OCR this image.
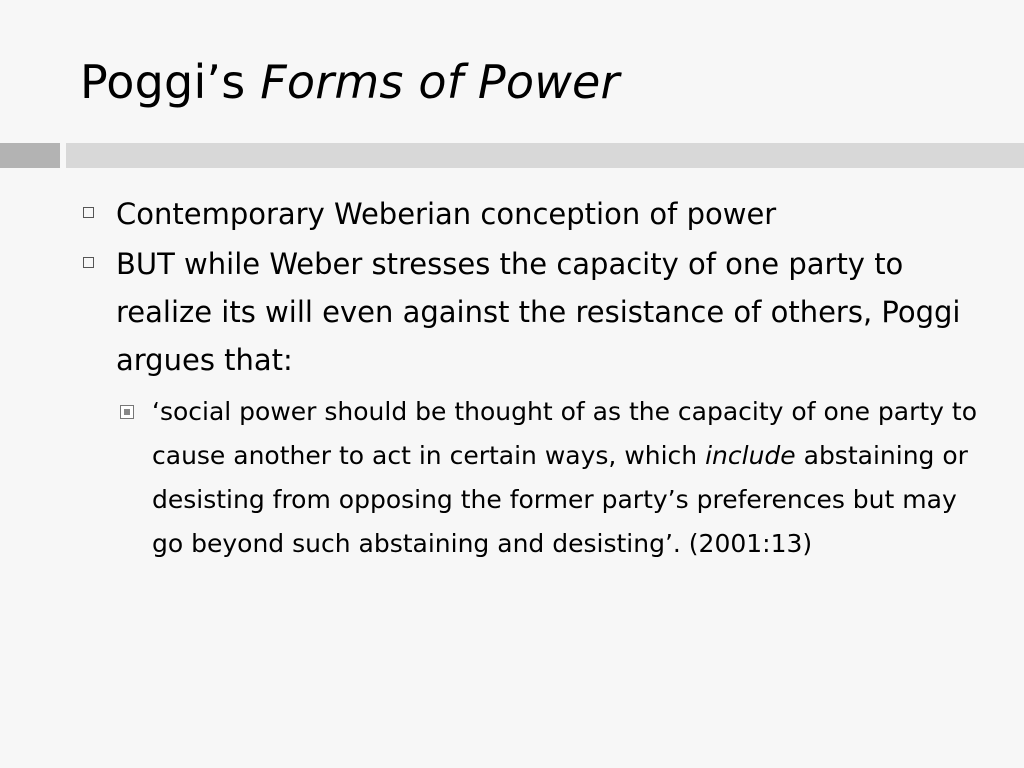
Poggi’s Forms of Power
Contemporary Weberian conception of power
BUT while Weber stresses the capacity of one party to realize its will even against the resistance of others, Poggi argues that:
‘social power should be thought of as the capacity of one party to cause another to act in certain ways, which include abstaining or desisting from opposing the former party’s preferences but may go beyond such abstaining and desisting’. (2001:13)
